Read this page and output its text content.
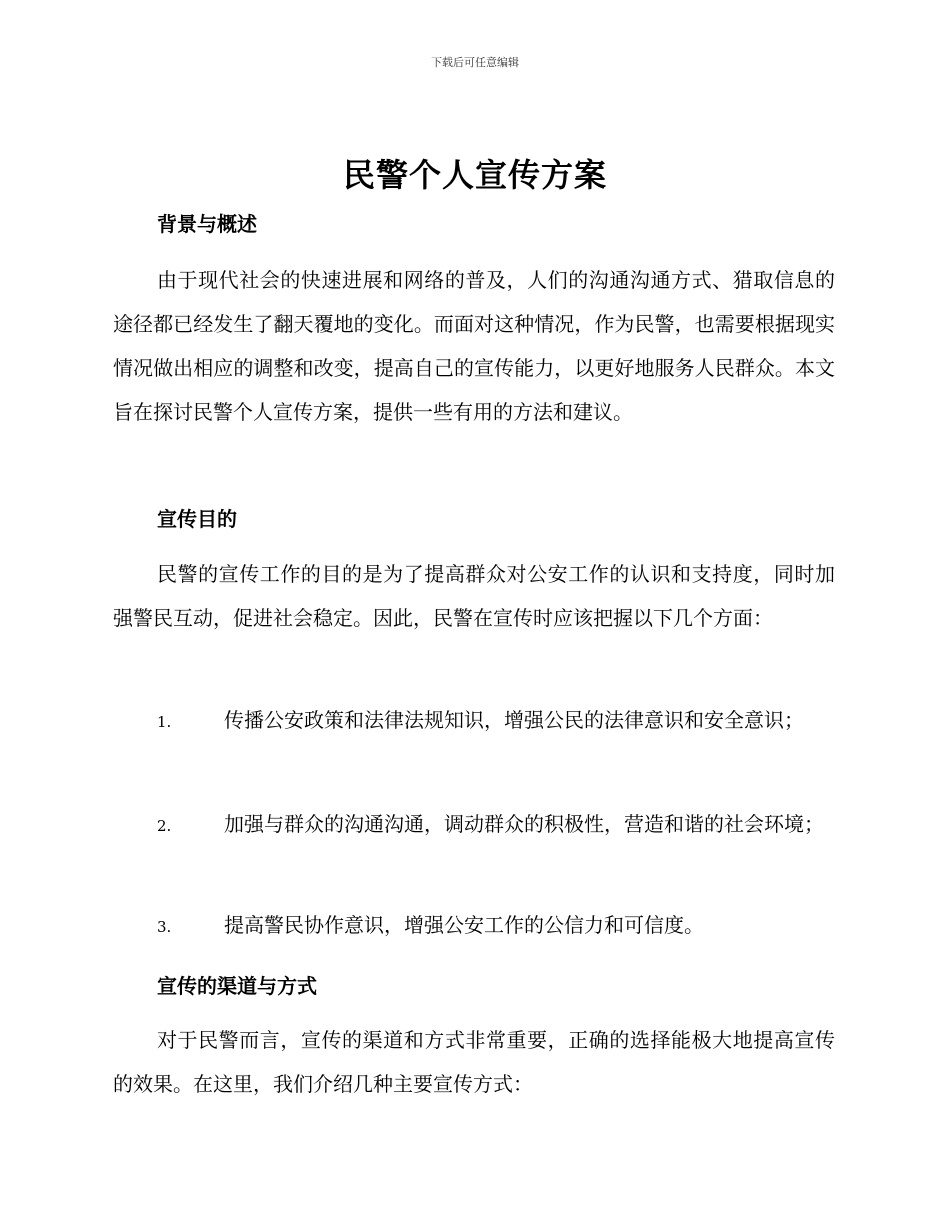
下载后可任意编辑
民警个人宣传方案
背景与概述
由于现代社会的快速进展和网络的普及，人们的沟通沟通方式、猎取信息的途径都已经发生了翻天覆地的变化。而面对这种情况，作为民警，也需要根据现实情况做出相应的调整和改变，提高自己的宣传能力，以更好地服务人民群众。本文旨在探讨民警个人宣传方案，提供一些有用的方法和建议。
宣传目的
民警的宣传工作的目的是为了提高群众对公安工作的认识和支持度，同时加强警民互动，促进社会稳定。因此，民警在宣传时应该把握以下几个方面：
1.	传播公安政策和法律法规知识，增强公民的法律意识和安全意识；
2.	加强与群众的沟通沟通，调动群众的积极性，营造和谐的社会环境；
3.	提高警民协作意识，增强公安工作的公信力和可信度。
宣传的渠道与方式
对于民警而言，宣传的渠道和方式非常重要，正确的选择能极大地提高宣传的效果。在这里，我们介绍几种主要宣传方式：
